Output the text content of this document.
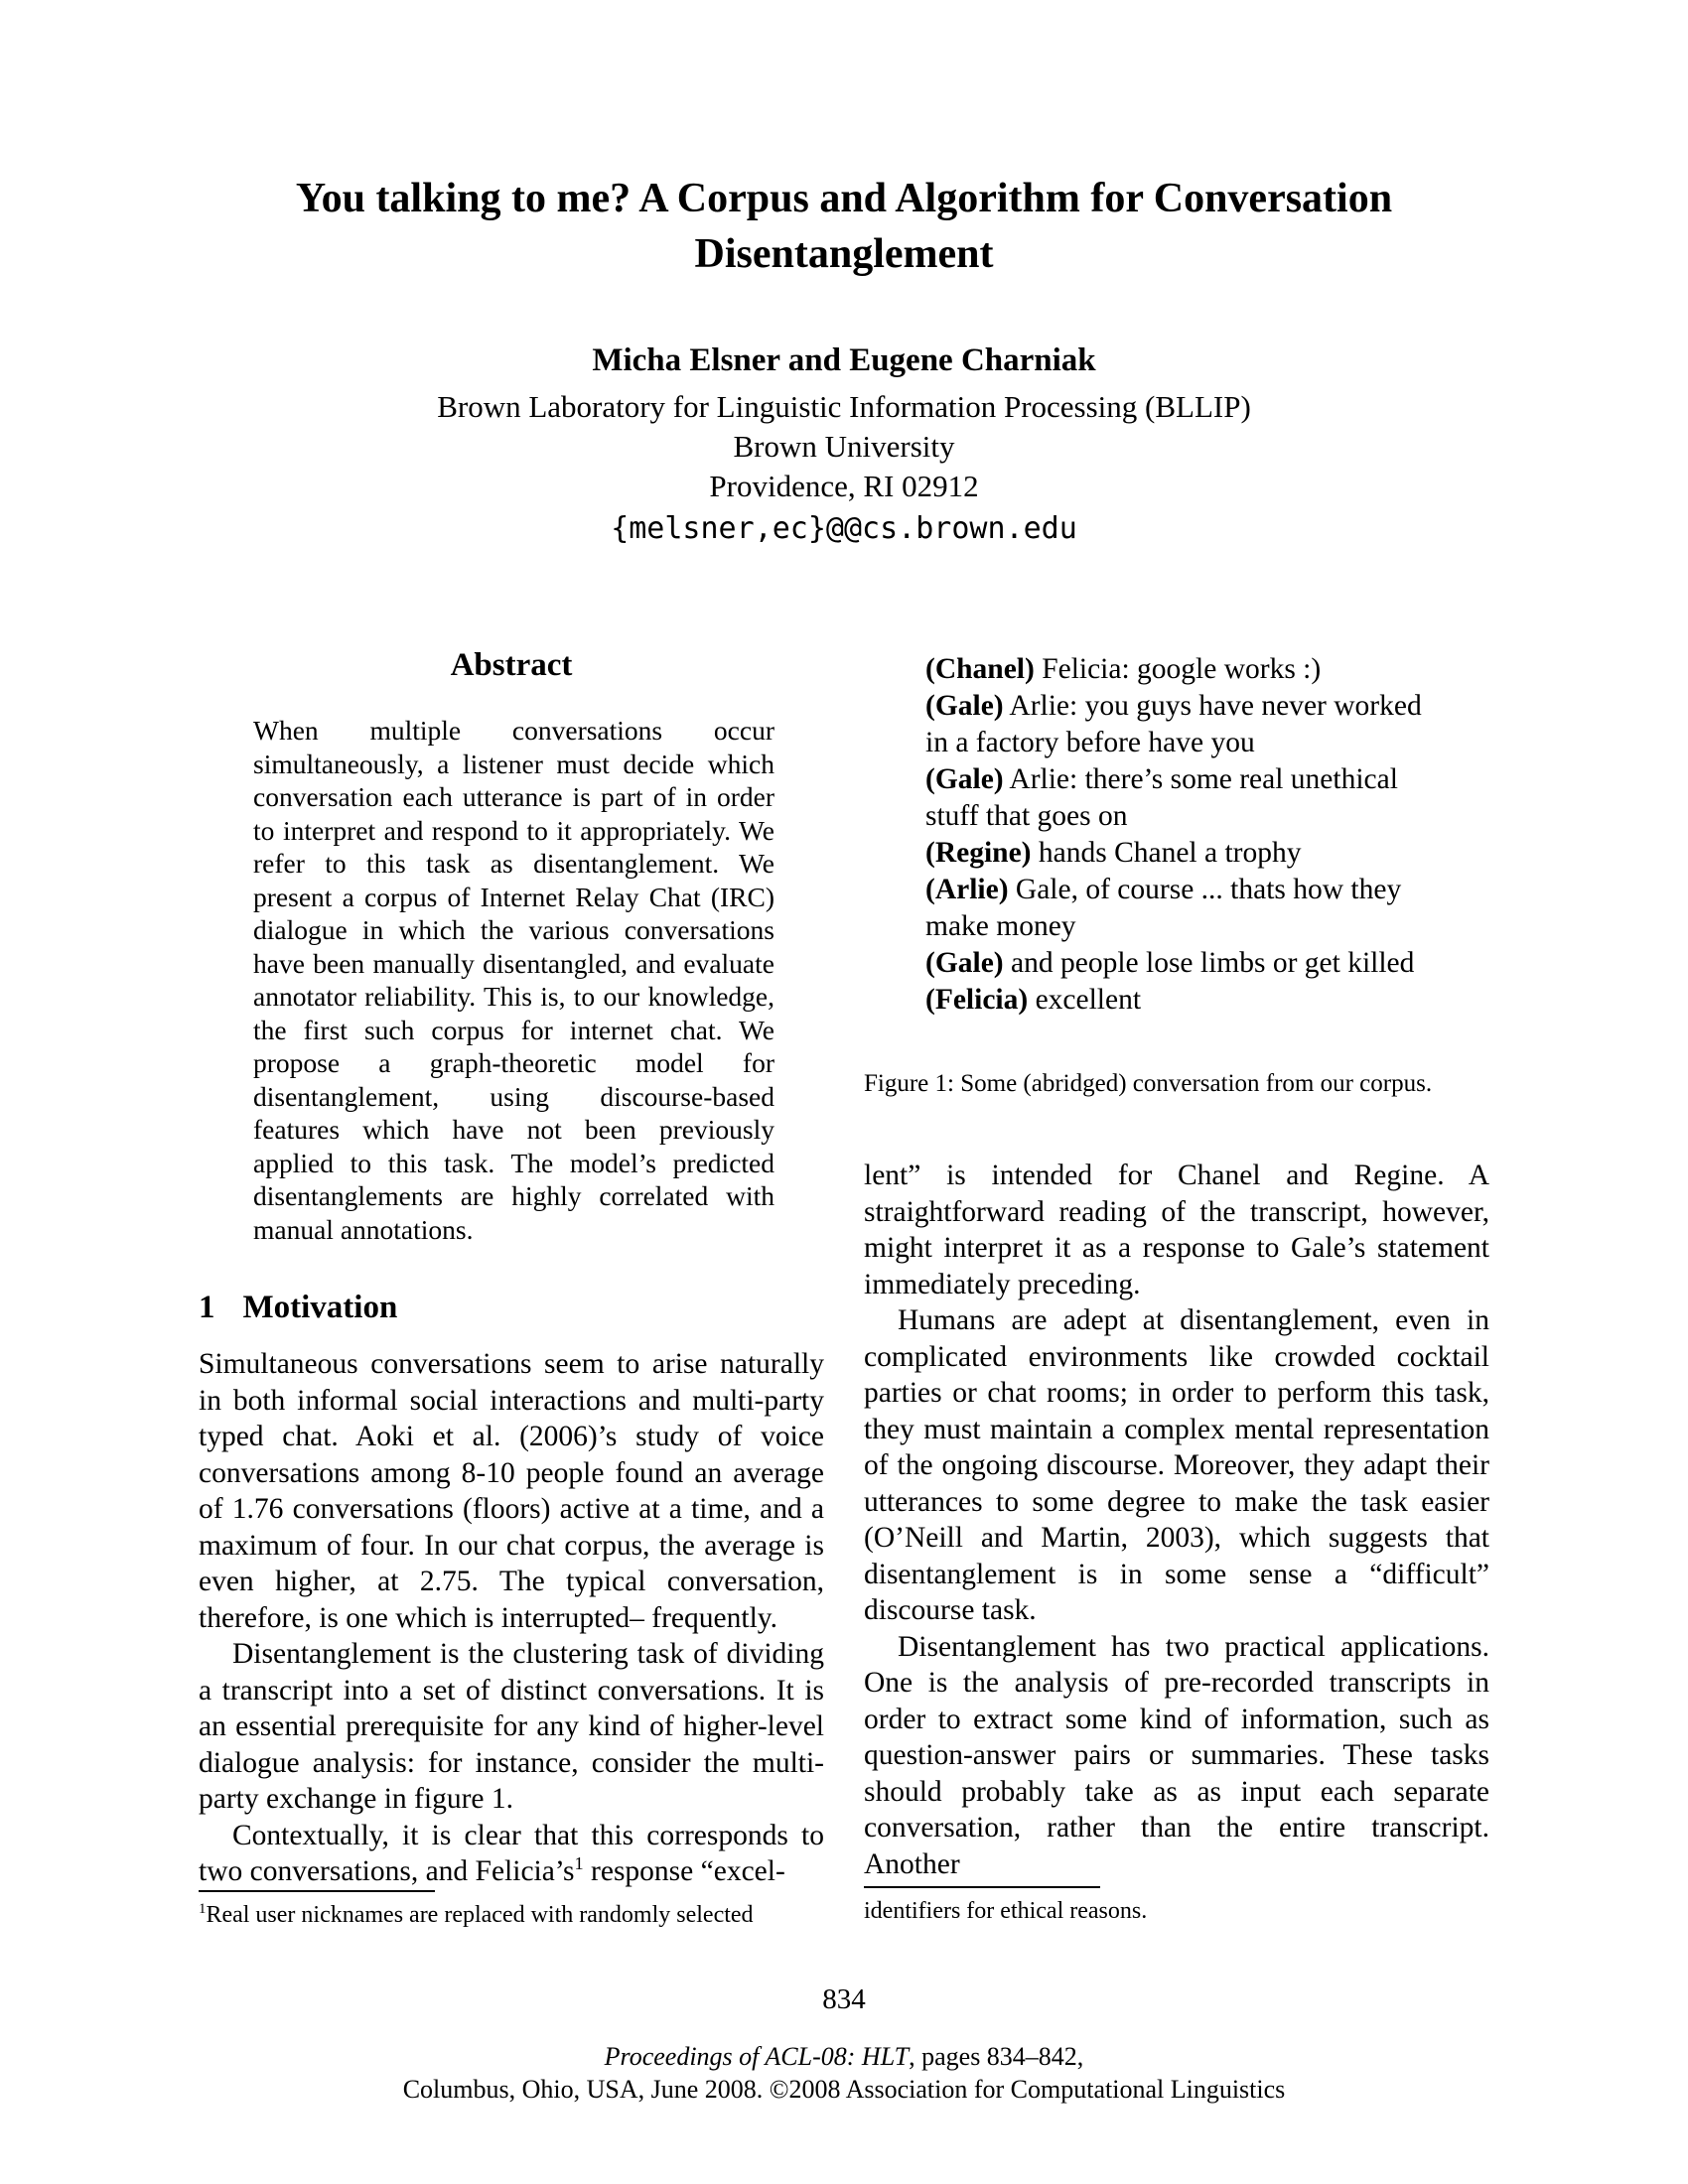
You talking to me? A Corpus and Algorithm for Conversation
Disentanglement
Micha Elsner and Eugene Charniak
Brown Laboratory for Linguistic Information Processing (BLLIP)
Brown University
Providence, RI 02912
{melsner,ec}@@cs.brown.edu
Abstract

When multiple conversations occur simultaneously, a listener must decide which conversation each utterance is part of in order to interpret and respond to it appropriately. We refer to this task as disentanglement. We present a corpus of Internet Relay Chat (IRC) dialogue in which the various conversations have been manually disentangled, and evaluate annotator reliability. This is, to our knowledge, the first such corpus for internet chat. We propose a graph-theoretic model for disentanglement, using discourse-based features which have not been previously applied to this task. The model’s predicted disentanglements are highly correlated with manual annotations.

1 Motivation

Simultaneous conversations seem to arise naturally in both informal social interactions and multi-party typed chat. Aoki et al. (2006)’s study of voice conversations among 8-10 people found an average of 1.76 conversations (floors) active at a time, and a maximum of four. In our chat corpus, the average is even higher, at 2.75. The typical conversation, therefore, is one which is interrupted– frequently.

Disentanglement is the clustering task of dividing a transcript into a set of distinct conversations. It is an essential prerequisite for any kind of higher-level dialogue analysis: for instance, consider the multi-party exchange in figure 1.

Contextually, it is clear that this corresponds to two conversations, and $Felicia’s^1$ response “excel-

$^1$Real user nicknames are replaced with randomly selected
(Chanel) Felicia: google works :)
(Gale) Arlie: you guys have never worked in a factory before have you
(Gale) Arlie: there’s some real unethical stuff that goes on
(Regine) hands Chanel a trophy
(Arlie) Gale, of course ... thats how they make money
(Gale) and people lose limbs or get killed
(Felicia) excellent
Figure 1: Some (abridged) conversation from our corpus.

lent” is intended for Chanel and Regine. A straightforward reading of the transcript, however, might interpret it as a response to Gale’s statement immediately preceding.

Humans are adept at disentanglement, even in complicated environments like crowded cocktail parties or chat rooms; in order to perform this task, they must maintain a complex mental representation of the ongoing discourse. Moreover, they adapt their utterances to some degree to make the task easier (O’Neill and Martin, 2003), which suggests that disentanglement is in some sense a “difficult” discourse task.

Disentanglement has two practical applications. One is the analysis of pre-recorded transcripts in order to extract some kind of information, such as question-answer pairs or summaries. These tasks should probably take as as input each separate conversation, rather than the entire transcript. Another

identifiers for ethical reasons.
834
Proceedings of ACL-08: HLT, pages 834–842,
Columbus, Ohio, USA, June 2008. ©2008 Association for Computational Linguistics
